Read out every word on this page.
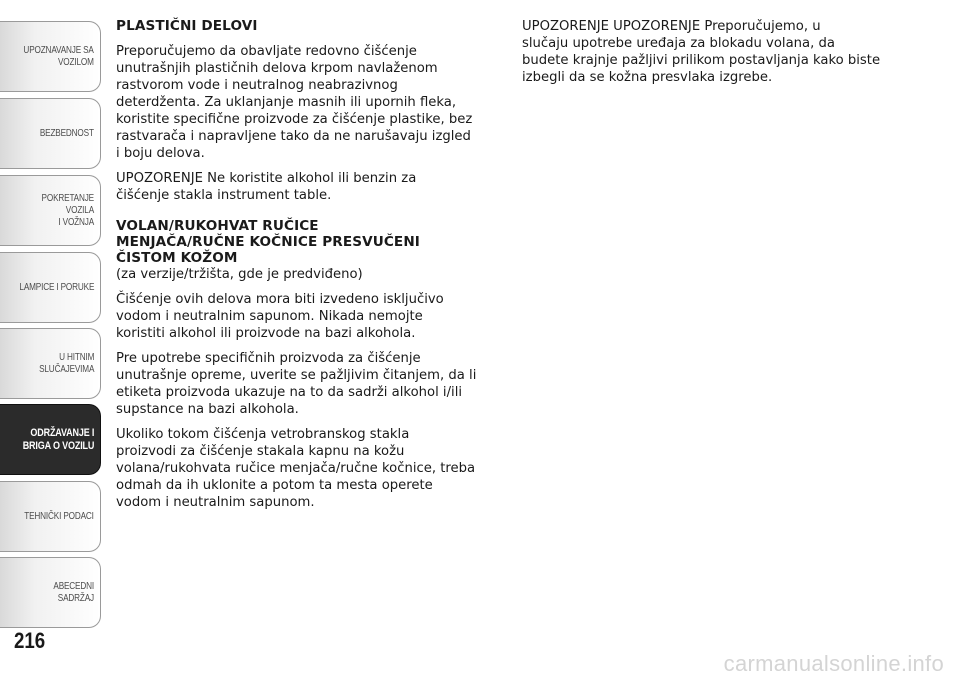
UPOZNAVANJE SA
VOZILOM
BEZBEDNOST
POKRETANJE VOZILA
I VOŽNJA
LAMPICE I PORUKE
U HITNIM
SLUČAJEVIMA
ODRŽAVANJE I
BRIGA O VOZILU
TEHNIČKI PODACI
ABECEDNI SADRŽAJ
216
PLASTIČNI DELOVI

Preporučujemo da obavljate redovno čišćenje
unutrašnjih plastičnih delova krpom navlaženom
rastvorom vode i neutralnog neabrazivnog
deterdženta. Za uklanjanje masnih ili upornih fleka,
koristite specifične proizvode za čišćenje plastike, bez
rastvarača i napravljene tako da ne narušavaju izgled
i boju delova.

UPOZORENJE Ne koristite alkohol ili benzin za
čišćenje stakla instrument table.

VOLAN/RUKOHVAT RUČICE
MENJAČA/RUČNE KOČNICE PRESVUČENI
ČISTOM KOŽOM

(za verzije/tržišta, gde je predviđeno)

Čišćenje ovih delova mora biti izvedeno isključivo
vodom i neutralnim sapunom. Nikada nemojte
koristiti alkohol ili proizvode na bazi alkohola.

Pre upotrebe specifičnih proizvoda za čišćenje
unutrašnje opreme, uverite se pažljivim čitanjem, da li
etiketa proizvoda ukazuje na to da sadrži alkohol i/ili
supstance na bazi alkohola.

Ukoliko tokom čišćenja vetrobranskog stakla
proizvodi za čišćenje stakala kapnu na kožu
volana/rukohvata ručice menjača/ručne kočnice, treba
odmah da ih uklonite a potom ta mesta operete
vodom i neutralnim sapunom.

UPOZORENJE UPOZORENJE Preporučujemo, u
slučaju upotrebe uređaja za blokadu volana, da
budete krajnje pažljivi prilikom postavljanja kako biste
izbegli da se kožna presvlaka izgrebe.

carmanualsonline.info
